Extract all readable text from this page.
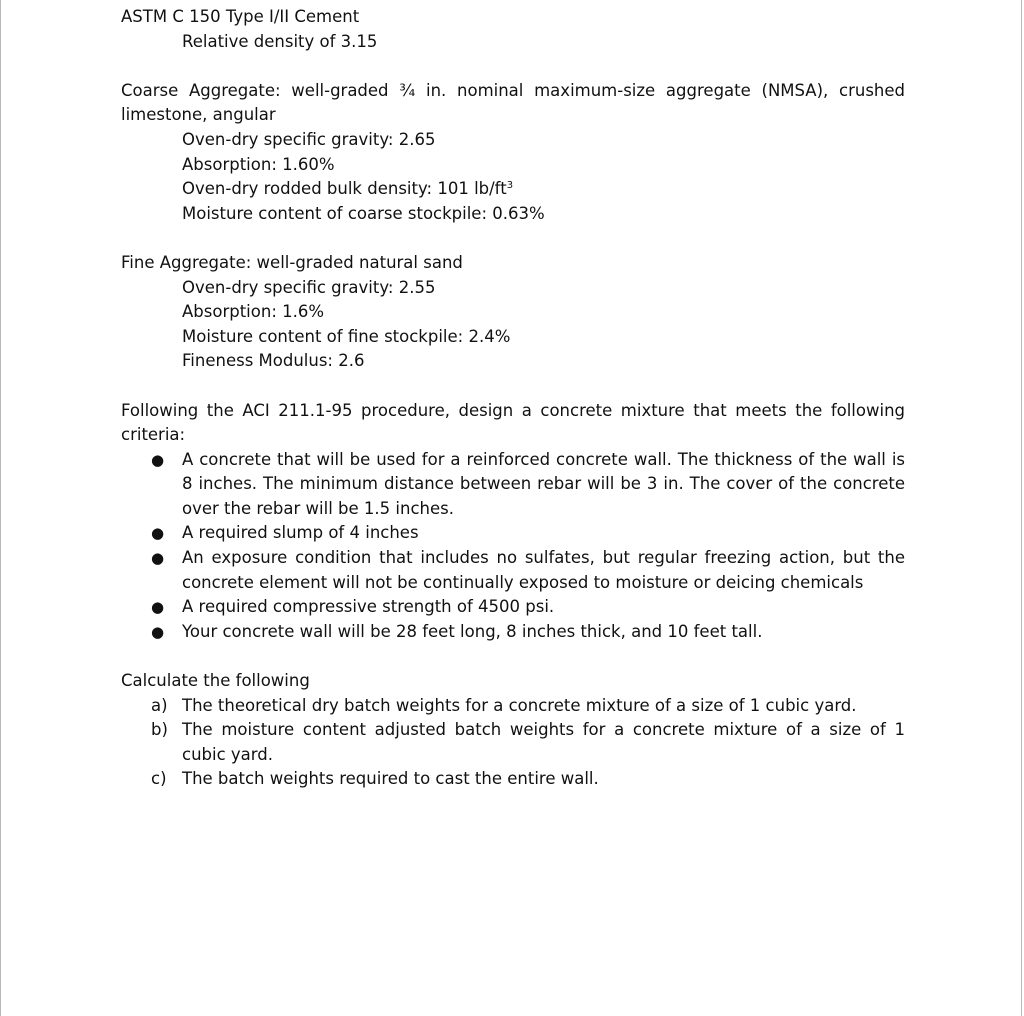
ASTM C 150 Type I/II Cement

Relative density of 3.15

Coarse Aggregate: well-graded ¾ in. nominal maximum-size aggregate (NMSA), crushed limestone, angular

Oven-dry specific gravity: 2.65

Absorption: 1.60%

Oven-dry rodded bulk density: 101 $lb/ft^3$

Moisture content of coarse stockpile: 0.63%

Fine Aggregate: well-graded natural sand

Oven-dry specific gravity: 2.55

Absorption: 1.6%

Moisture content of fine stockpile: 2.4%

Fineness Modulus: 2.6

Following the ACI 211.1-95 procedure, design a concrete mixture that meets the following criteria:

● A concrete that will be used for a reinforced concrete wall. The thickness of the wall is 8 inches. The minimum distance between rebar will be 3 in. The cover of the concrete over the rebar will be 1.5 inches.
● A required slump of 4 inches
● An exposure condition that includes no sulfates, but regular freezing action, but the concrete element will not be continually exposed to moisture or deicing chemicals
● A required compressive strength of 4500 psi.
● Your concrete wall will be 28 feet long, 8 inches thick, and 10 feet tall.

Calculate the following

a) The theoretical dry batch weights for a concrete mixture of a size of 1 cubic yard.
b) The moisture content adjusted batch weights for a concrete mixture of a size of 1 cubic yard.
c) The batch weights required to cast the entire wall.
